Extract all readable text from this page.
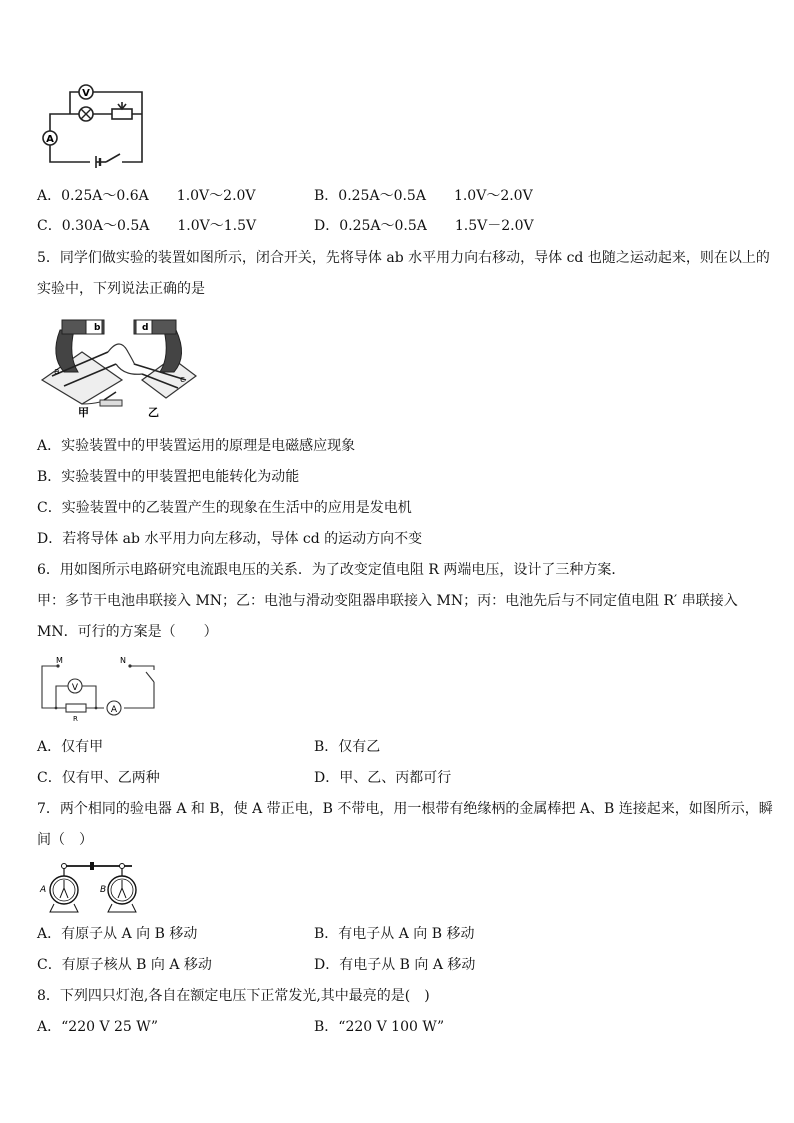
V
A
A．0.25A～0.6A　　1.0V～2.0V	B．0.25A～0.5A　　1.0V～2.0V
C．0.30A～0.5A　　1.0V～1.5V	D．0.25A～0.5A　　1.5V－2.0V
5．同学们做实验的装置如图所示，闭合开关，先将导体 ab 水平用力向右移动，导体 cd 也随之运动起来，则在以上的
实验中，下列说法正确的是
a
b	d
c
甲	乙
A．实验装置中的甲装置运用的原理是电磁感应现象
B．实验装置中的甲装置把电能转化为动能
C．实验装置中的乙装置产生的现象在生活中的应用是发电机
D．若将导体 ab 水平用力向左移动，导体 cd 的运动方向不变
6．用如图所示电路研究电流跟电压的关系．为了改变定值电阻 R 两端电压，设计了三种方案．
甲：多节干电池串联接入 MN；乙：电池与滑动变阻器串联接入 MN；丙：电池先后与不同定值电阻 R′ 串联接入
MN．可行的方案是（　　）
V
A
M	N
R
A．仅有甲	B．仅有乙
C．仅有甲、乙两种	D．甲、乙、丙都可行
7．两个相同的验电器 A 和 B，使 A 带正电，B 不带电，用一根带有绝缘柄的金属棒把 A、B 连接起来，如图所示，瞬
间（　）
A	B
A．有原子从 A 向 B 移动	B．有电子从 A 向 B 移动
C．有原子核从 B 向 A 移动	D．有电子从 B 向 A 移动
8．下列四只灯泡,各自在额定电压下正常发光,其中最亮的是(　)
A．“220 V 25 W”	B．“220 V 100 W”
